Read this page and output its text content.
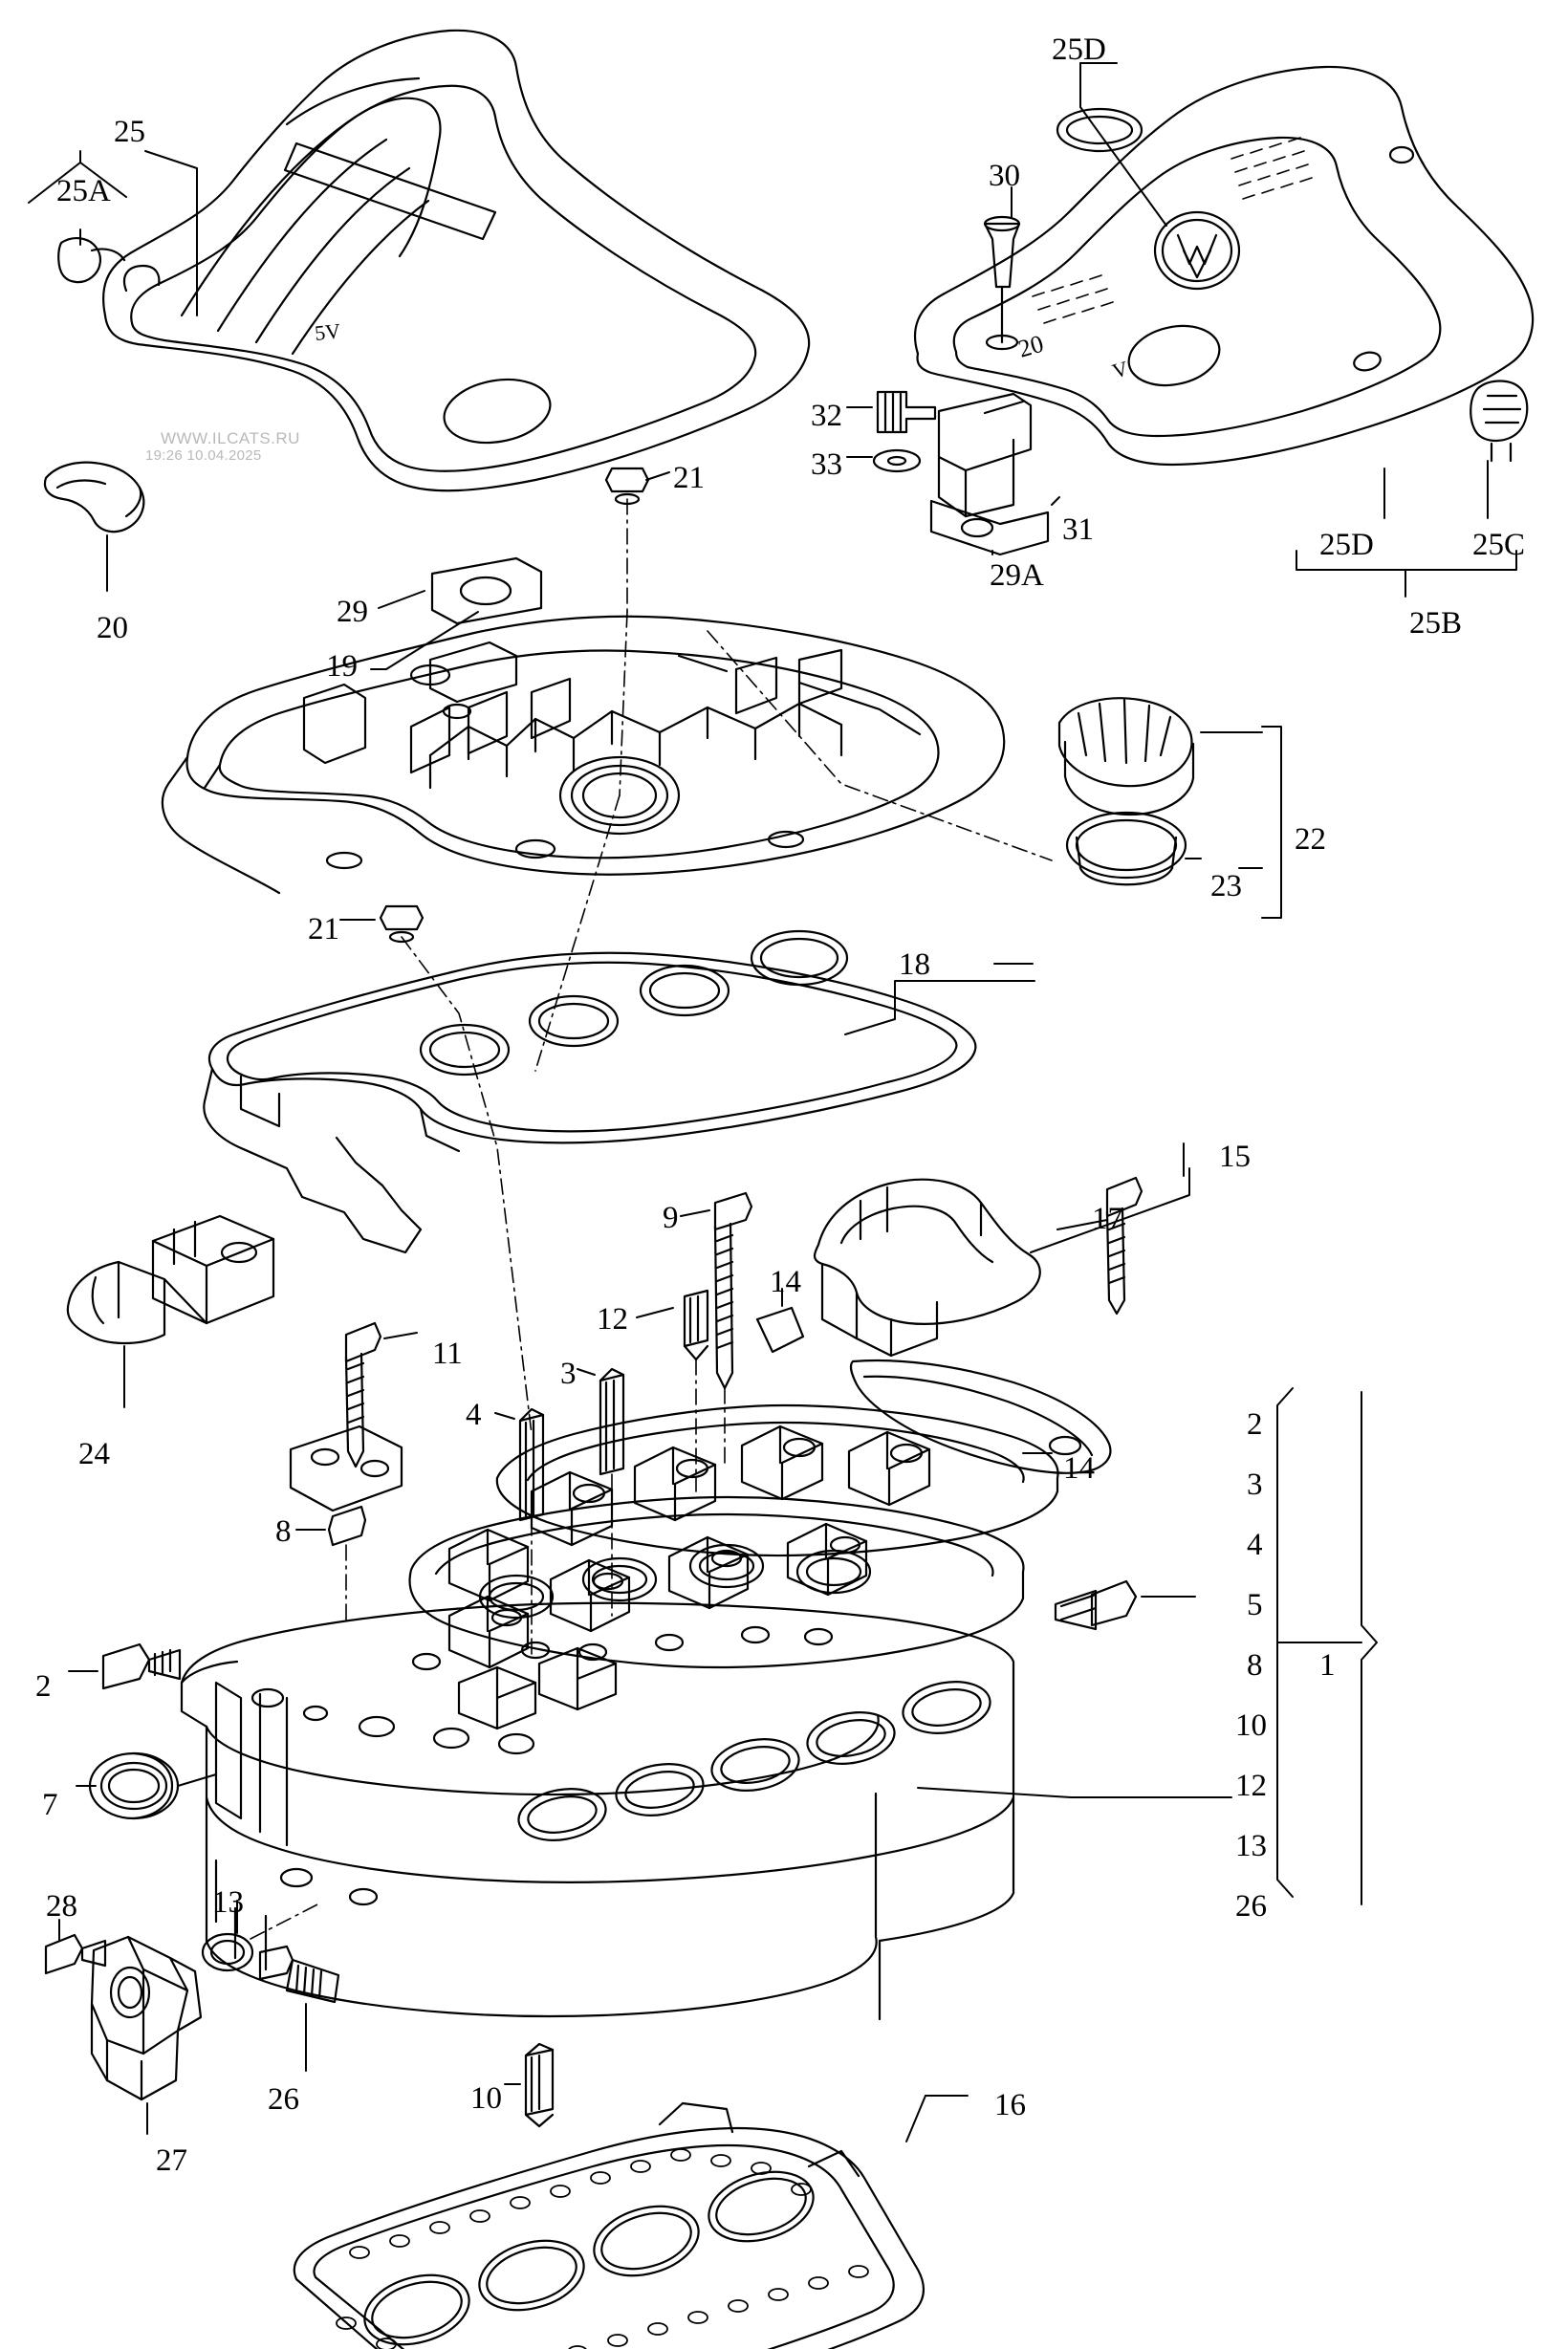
5V	20
V
25
25A
20
25D
30
32
33
31
29A
25D	25C
25B
21
29
19
21
22
23
18
15
17
9
14
12
11
3
4
14
8
24
2
7
13
28
27
26	10	16
2
3
4
5
8
10
12
13
26
1
WWW.ILCATS.RU
19:26 10.04.2025
